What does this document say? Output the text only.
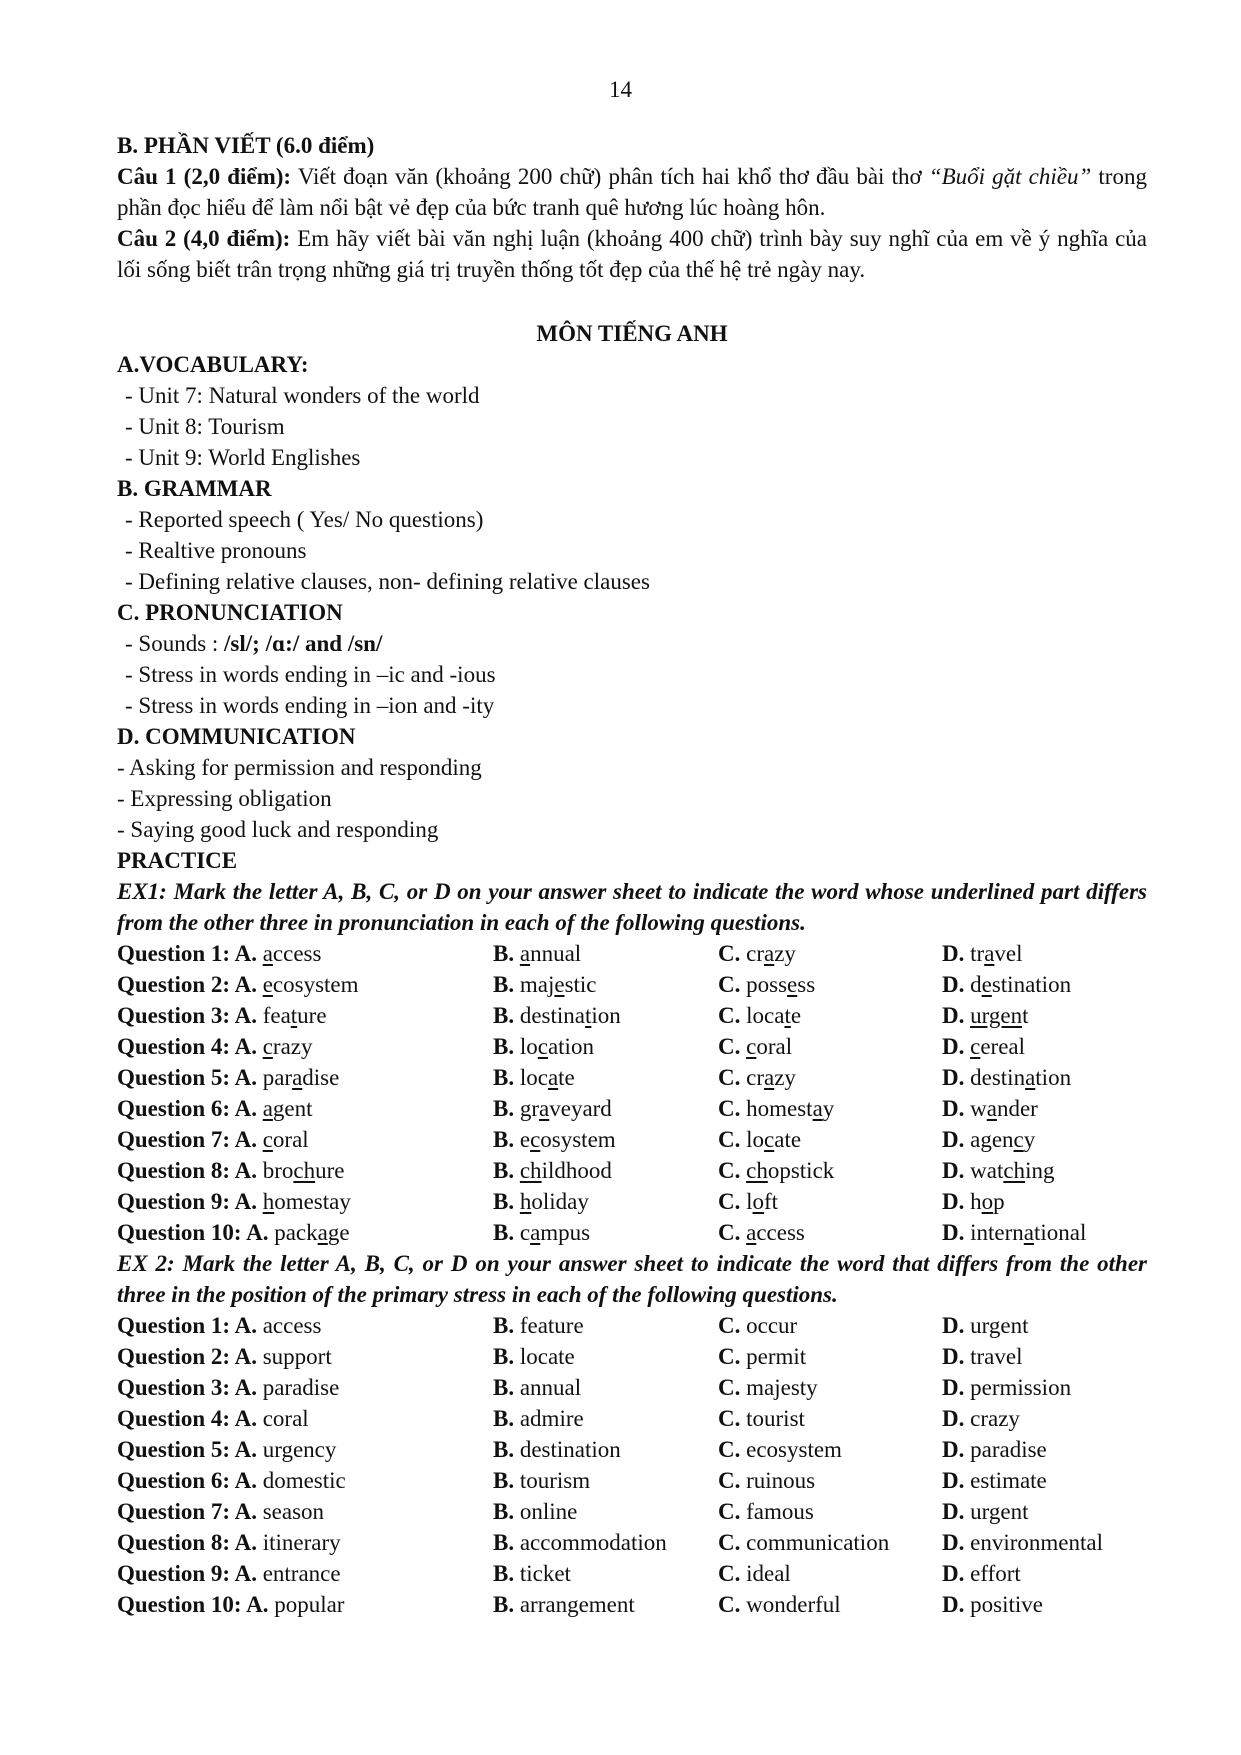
14
B. PHẦN VIẾT (6.0 điểm)

Câu 1 (2,0 điểm): Viết đoạn văn (khoảng 200 chữ) phân tích hai khổ thơ đầu bài thơ “Buổi gặt chiều” trong phần đọc hiểu để làm nổi bật vẻ đẹp của bức tranh quê hương lúc hoàng hôn.

Câu 2 (4,0 điểm): Em hãy viết bài văn nghị luận (khoảng 400 chữ) trình bày suy nghĩ của em về ý nghĩa của lối sống biết trân trọng những giá trị truyền thống tốt đẹp của thế hệ trẻ ngày nay.

MÔN TIẾNG ANH
A.VOCABULARY:
- Unit 7: Natural wonders of the world
- Unit 8: Tourism
- Unit 9: World Englishes
B. GRAMMAR
- Reported speech ( Yes/ No questions)
- Realtive pronouns
- Defining relative clauses, non- defining relative clauses
C. PRONUNCIATION
- Sounds : /sl/; /ɑ:/ and /sn/
- Stress in words ending in –ic and -ious
- Stress in words ending in –ion and -ity
D. COMMUNICATION
- Asking for permission and responding
- Expressing obligation
- Saying good luck and responding
PRACTICE
EX1: Mark the letter A, B, C, or D on your answer sheet to indicate the word whose underlined part differs from the other three in pronunciation in each of the following questions.
Question 1: A. access	B. annual	C. crazy	D. travel
Question 2: A. ecosystem	B. majestic	C. possess	D. destination
Question 3: A. feature	B. destination	C. locate	D. urgent
Question 4: A. crazy	B. location	C. coral	D. cereal
Question 5: A. paradise	B. locate	C. crazy	D. destination
Question 6: A. agent	B. graveyard	C. homestay	D. wander
Question 7: A. coral	B. ecosystem	C. locate	D. agency
Question 8: A. brochure	B. childhood	C. chopstick	D. watching
Question 9: A. homestay	B. holiday	C. loft	D. hop
Question 10: A. package	B. campus	C. access	D. international
EX 2: Mark the letter A, B, C, or D on your answer sheet to indicate the word that differs from the other three in the position of the primary stress in each of the following questions.
Question 1: A. access	B. feature	C. occur	D. urgent
Question 2: A. support	B. locate	C. permit	D. travel
Question 3: A. paradise	B. annual	C. majesty	D. permission
Question 4: A. coral	B. admire	C. tourist	D. crazy
Question 5: A. urgency	B. destination	C. ecosystem	D. paradise
Question 6: A. domestic	B. tourism	C. ruinous	D. estimate
Question 7: A. season	B. online	C. famous	D. urgent
Question 8: A. itinerary	B. accommodation C. communication D. environmental
Question 9: A. entrance	B. ticket	C. ideal	D. effort
Question 10: A. popular	B. arrangement	C. wonderful	D. positive
